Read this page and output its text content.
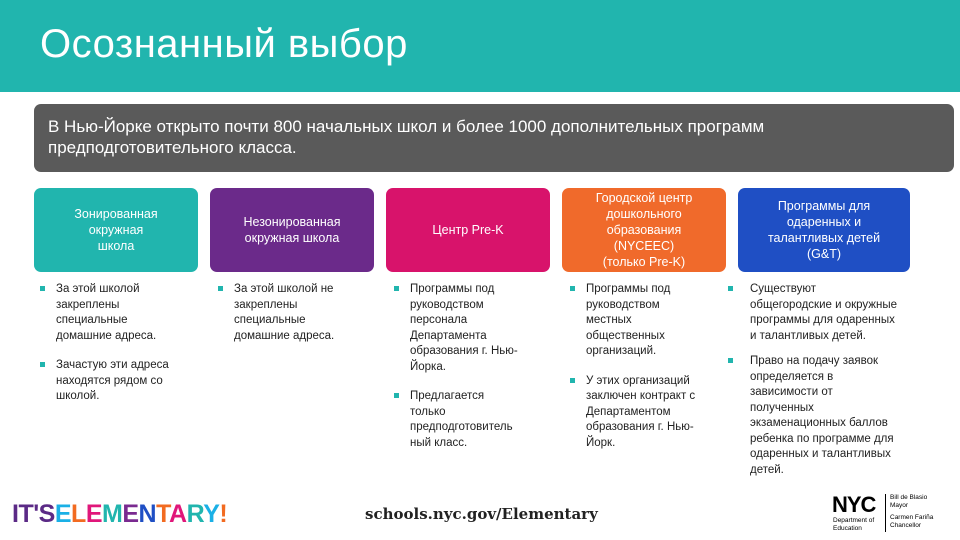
Осознанный выбор
В Нью-Йорке открыто почти 800 начальных школ и более 1000 дополнительных программ предподготовительного класса.
Зонированная
окружная
школа
За этой школой
закреплены
специальные
домашние адреса.
Зачастую эти адреса
находятся рядом со
школой.
Незонированная
окружная школа
За этой школой не
закреплены
специальные
домашние адреса.
Центр Pre-K
Программы под
руководством
персонала
Департамента
образования г. Нью-
Йорка.
Предлагается
только
предподготовитель
ный класс.
Городской центр
дошкольного
образования
(NYCEEC)
(только Pre-K)
Программы под
руководством
местных
общественных
организаций.
У этих организаций
заключен контракт с
Департаментом
образования г. Нью-
Йорк.
Программы для
одаренных и
талантливых детей
(G&T)
Существуют
общегородские и окружные
программы для одаренных
и талантливых детей.
Право на подачу заявок
определяется в
зависимости от
полученных
экзаменационных баллов
ребенка по программе для
одаренных и талантливых
детей.
IT'SELEMENTARY!	schools.nyc.gov/Elementary	NYC
Department of
Education
Bill de Blasio
Mayor
Carmen Fariña
Chancellor
